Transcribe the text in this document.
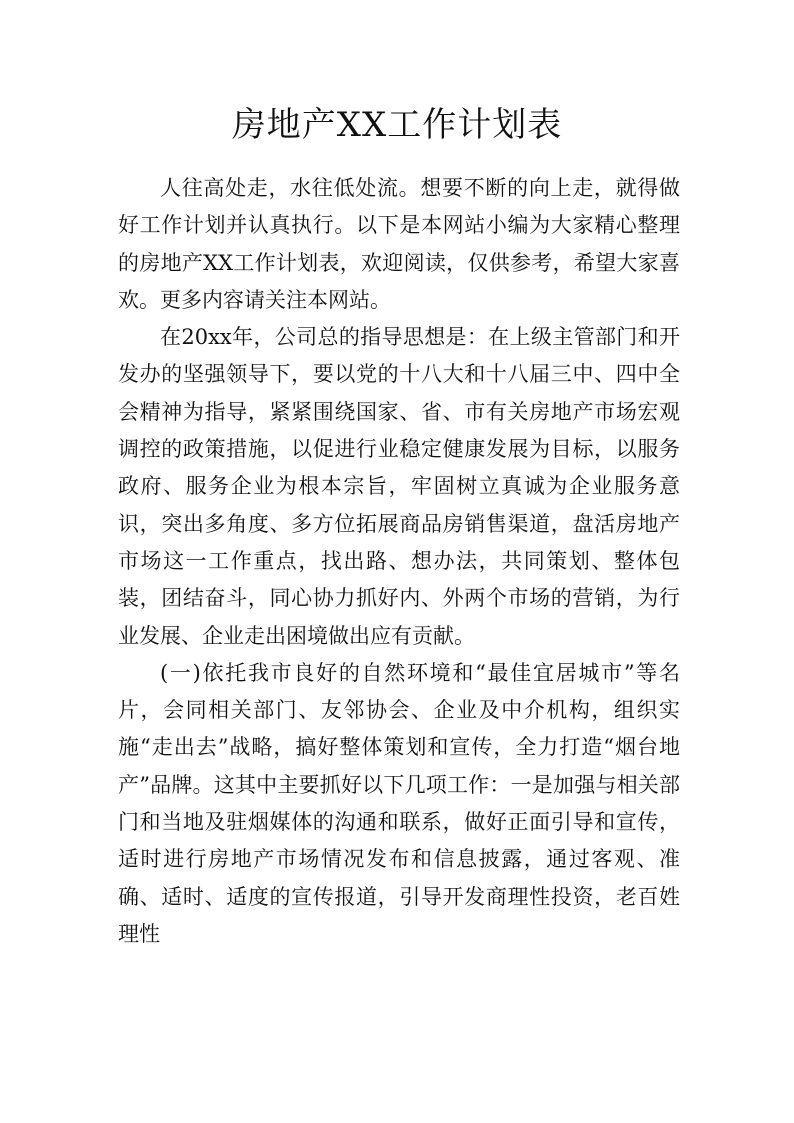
房地产XX工作计划表

人往高处走，水往低处流。想要不断的向上走，就得做好工作计划并认真执行。以下是本网站小编为大家精心整理的房地产XX工作计划表，欢迎阅读，仅供参考，希望大家喜欢。更多内容请关注本网站。

在20xx年，公司总的指导思想是：在上级主管部门和开发办的坚强领导下，要以党的十八大和十八届三中、四中全会精神为指导，紧紧围绕国家、省、市有关房地产市场宏观调控的政策措施，以促进行业稳定健康发展为目标，以服务政府、服务企业为根本宗旨，牢固树立真诚为企业服务意识，突出多角度、多方位拓展商品房销售渠道，盘活房地产市场这一工作重点，找出路、想办法，共同策划、整体包装，团结奋斗，同心协力抓好内、外两个市场的营销，为行业发展、企业走出困境做出应有贡献。

(一)依托我市良好的自然环境和“最佳宜居城市”等名片，会同相关部门、友邻协会、企业及中介机构，组织实施“走出去”战略，搞好整体策划和宣传，全力打造“烟台地产”品牌。这其中主要抓好以下几项工作：一是加强与相关部门和当地及驻烟媒体的沟通和联系，做好正面引导和宣传，适时进行房地产市场情况发布和信息披露，通过客观、准确、适时、适度的宣传报道，引导开发商理性投资，老百姓理性
